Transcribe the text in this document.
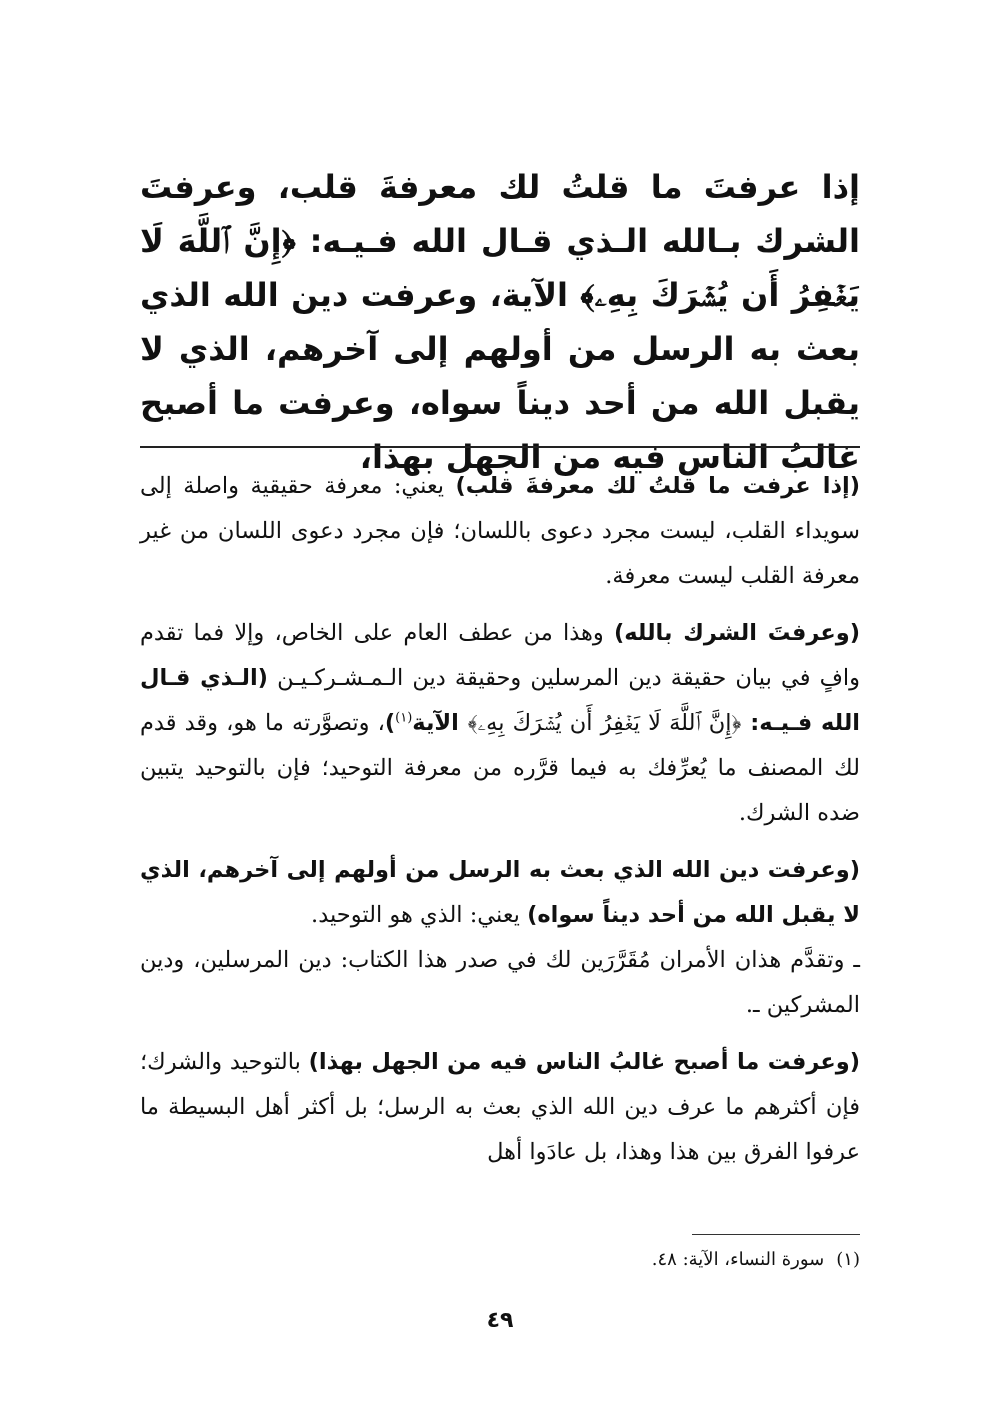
إذا عرفتَ ما قلتُ لك معرفةَ قلب، وعرفتَ الشرك بـالله الـذي قـال الله فـيـه: ﴿إِنَّ ٱللَّهَ لَا يَغۡفِرُ أَن يُشۡرَكَ بِهِۦ﴾ الآية، وعرفت دين الله الذي بعث به الرسل من أولهم إلى آخرهم، الذي لا يقبل الله من أحد ديناً سواه، وعرفت ما أصبح غالبُ الناس فيه من الجهل بهذا،

(إذا عرفت ما قلتُ لك معرفةَ قلب) يعني: معرفة حقيقية واصلة إلى سويداء القلب، ليست مجرد دعوى باللسان؛ فإن مجرد دعوى اللسان من غير معرفة القلب ليست معرفة.

(وعرفتَ الشرك بالله) وهذا من عطف العام على الخاص، وإلا فما تقدم وافٍ في بيان حقيقة دين المرسلين وحقيقة دين الـمـشـركـيـن (الـذي قـال الله فـيـه: ﴿إِنَّ ٱللَّهَ لَا يَغۡفِرُ أَن يُشۡرَكَ بِهِۦ﴾ الآية$^{(١)}$)، وتصوَّرته ما هو، وقد قدم لك المصنف ما يُعرِّفك به فيما قرَّره من معرفة التوحيد؛ فإن بالتوحيد يتبين ضده الشرك.

(وعرفت دين الله الذي بعث به الرسل من أولهم إلى آخرهم، الذي لا يقبل الله من أحد ديناً سواه) يعني: الذي هو التوحيد.
ـ وتقدَّم هذان الأمران مُقَرَّرَين لك في صدر هذا الكتاب: دين المرسلين، ودين المشركين ـ.

(وعرفت ما أصبح غالبُ الناس فيه من الجهل بهذا) بالتوحيد والشرك؛ فإن أكثرهم ما عرف دين الله الذي بعث به الرسل؛ بل أكثر أهل البسيطة ما عرفوا الفرق بين هذا وهذا، بل عادَوا أهل

(١)سورة النساء، الآية: ٤٨.
٤٩
